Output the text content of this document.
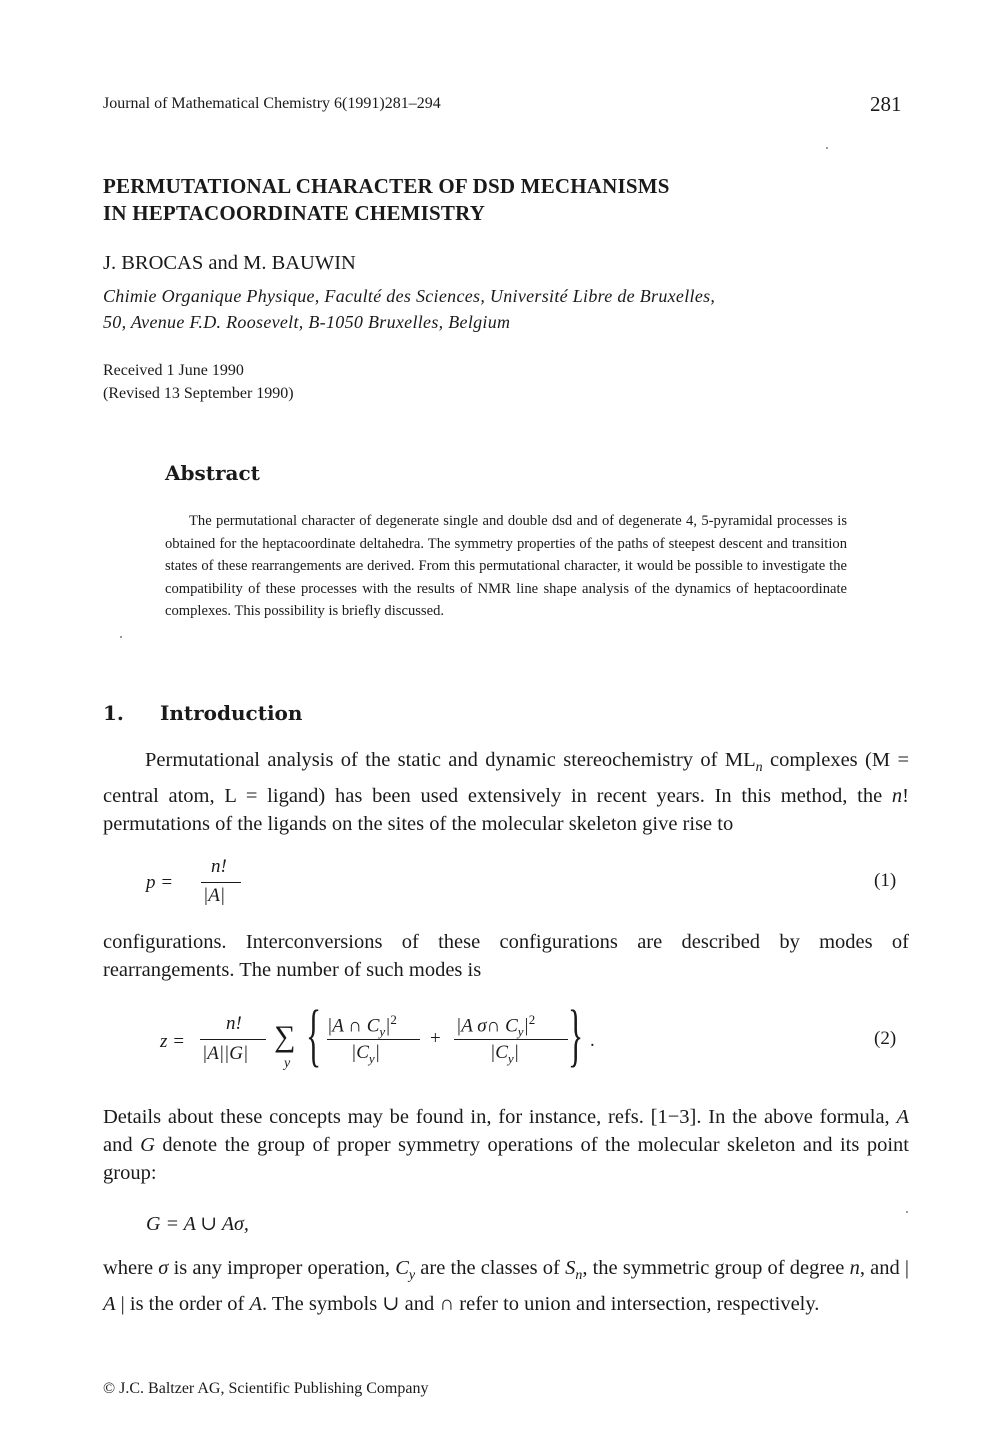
Journal of Mathematical Chemistry 6(1991)281–294	281
PERMUTATIONAL CHARACTER OF DSD MECHANISMS
IN HEPTACOORDINATE CHEMISTRY
J. BROCAS and M. BAUWIN
Chimie Organique Physique, Faculté des Sciences, Université Libre de Bruxelles,
50, Avenue F.D. Roosevelt, B-1050 Bruxelles, Belgium
Received 1 June 1990
(Revised 13 September 1990)
Abstract
The permutational character of degenerate single and double dsd and of degenerate 4, 5-pyramidal processes is obtained for the heptacoordinate deltahedra. The symmetry properties of the paths of steepest descent and transition states of these rearrangements are derived. From this permutational character, it would be possible to investigate the compatibility of these processes with the results of NMR line shape analysis of the dynamics of heptacoordinate complexes. This possibility is briefly discussed.
1. Introduction
Permutational analysis of the static and dynamic stereochemistry of $ML_n$ complexes (M = central atom, L = ligand) has been used extensively in recent years. In this method, the n! permutations of the ligands on the sites of the molecular skeleton give rise to
p =
n!
|A|
(1)
configurations. Interconversions of these configurations are described by modes of rearrangements. The number of such modes is
z =
n!
|A||G|
∑
y { |A ∩ $C_y|^2$
$|C_y|$
+
|A σ∩ $C_y|^2$
$|C_y|$ } .	(2)
Details about these concepts may be found in, for instance, refs. [1−3]. In the above formula, A and G denote the group of proper symmetry operations of the molecular skeleton and its point group:
G = A ∪ Aσ,
where σ is any improper operation, $C_y$ are the classes of $S_n$, the symmetric group of degree n, and | A | is the order of A. The symbols ∪ and ∩ refer to union and intersection, respectively.
© J.C. Baltzer AG, Scientific Publishing Company
